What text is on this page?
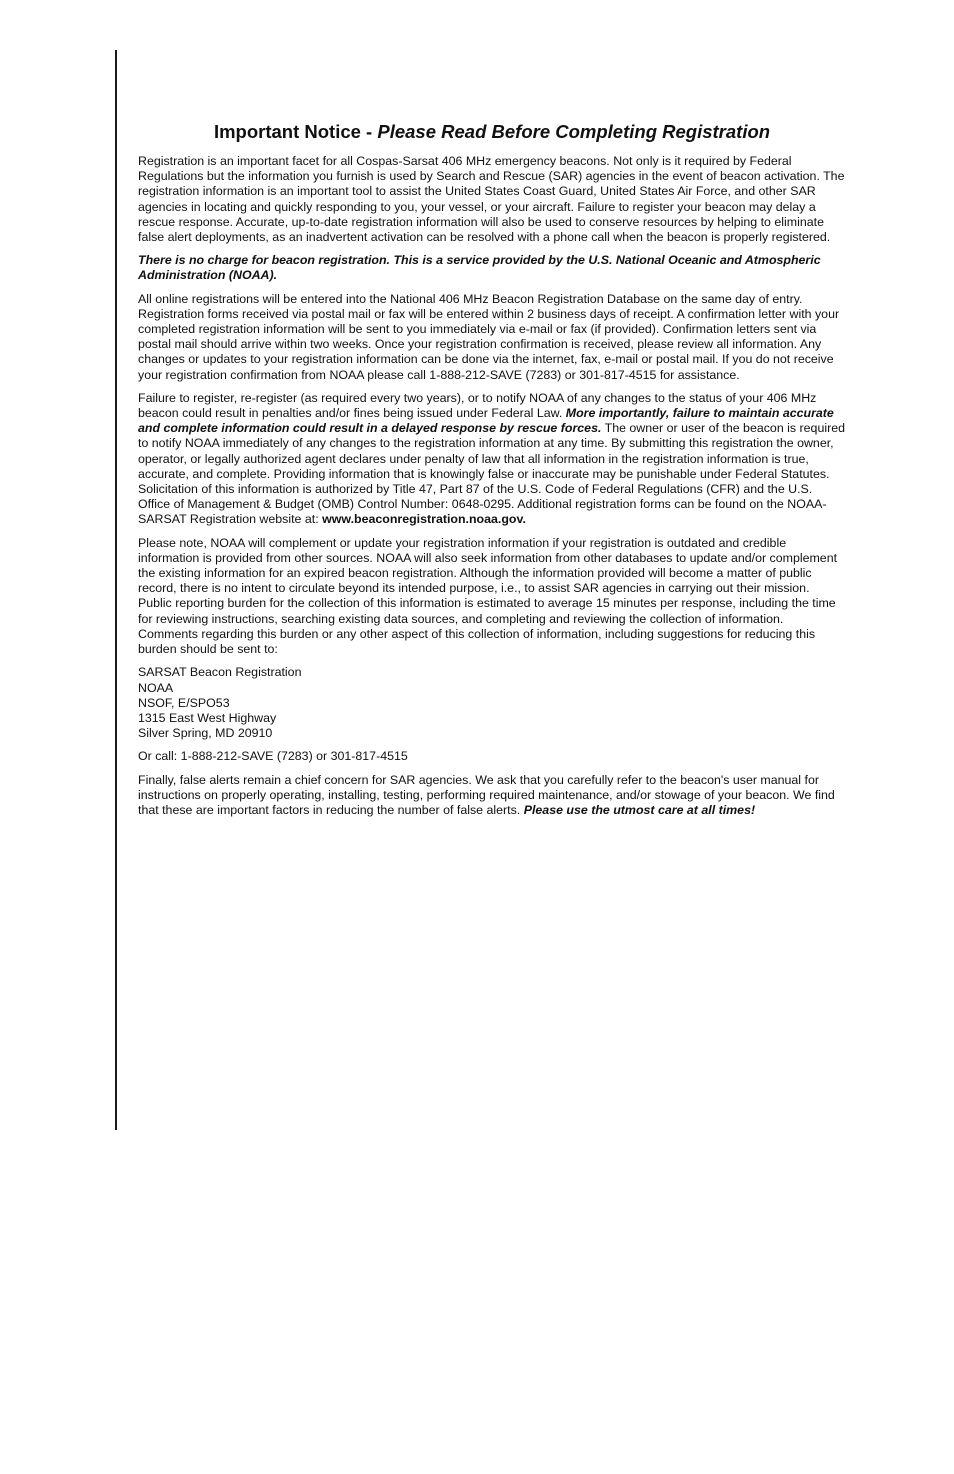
Important Notice - Please Read Before Completing Registration

Registration is an important facet for all Cospas-Sarsat 406 MHz emergency beacons. Not only is it required by Federal Regulations but the information you furnish is used by Search and Rescue (SAR) agencies in the event of beacon activation. The registration information is an important tool to assist the United States Coast Guard, United States Air Force, and other SAR agencies in locating and quickly responding to you, your vessel, or your aircraft. Failure to register your beacon may delay a rescue response. Accurate, up-to-date registration information will also be used to conserve resources by helping to eliminate false alert deployments, as an inadvertent activation can be resolved with a phone call when the beacon is properly registered.

There is no charge for beacon registration. This is a service provided by the U.S. National Oceanic and Atmospheric Administration (NOAA).

All online registrations will be entered into the National 406 MHz Beacon Registration Database on the same day of entry. Registration forms received via postal mail or fax will be entered within 2 business days of receipt. A confirmation letter with your completed registration information will be sent to you immediately via e-mail or fax (if provided). Confirmation letters sent via postal mail should arrive within two weeks. Once your registration confirmation is received, please review all information. Any changes or updates to your registration information can be done via the internet, fax, e-mail or postal mail. If you do not receive your registration confirmation from NOAA please call 1-888-212-SAVE (7283) or 301-817-4515 for assistance.

Failure to register, re-register (as required every two years), or to notify NOAA of any changes to the status of your 406 MHz beacon could result in penalties and/or fines being issued under Federal Law. More importantly, failure to maintain accurate and complete information could result in a delayed response by rescue forces. The owner or user of the beacon is required to notify NOAA immediately of any changes to the registration information at any time. By submitting this registration the owner, operator, or legally authorized agent declares under penalty of law that all information in the registration information is true, accurate, and complete. Providing information that is knowingly false or inaccurate may be punishable under Federal Statutes. Solicitation of this information is authorized by Title 47, Part 87 of the U.S. Code of Federal Regulations (CFR) and the U.S. Office of Management & Budget (OMB) Control Number: 0648-0295. Additional registration forms can be found on the NOAA-SARSAT Registration website at: www.beaconregistration.noaa.gov.

Please note, NOAA will complement or update your registration information if your registration is outdated and credible information is provided from other sources. NOAA will also seek information from other databases to update and/or complement the existing information for an expired beacon registration. Although the information provided will become a matter of public record, there is no intent to circulate beyond its intended purpose, i.e., to assist SAR agencies in carrying out their mission. Public reporting burden for the collection of this information is estimated to average 15 minutes per response, including the time for reviewing instructions, searching existing data sources, and completing and reviewing the collection of information. Comments regarding this burden or any other aspect of this collection of information, including suggestions for reducing this burden should be sent to:

SARSAT Beacon Registration
NOAA
NSOF, E/SPO53
1315 East West Highway
Silver Spring, MD 20910

Or call: 1-888-212-SAVE (7283) or 301-817-4515

Finally, false alerts remain a chief concern for SAR agencies. We ask that you carefully refer to the beacon's user manual for instructions on properly operating, installing, testing, performing required maintenance, and/or stowage of your beacon. We find that these are important factors in reducing the number of false alerts. Please use the utmost care at all times!
